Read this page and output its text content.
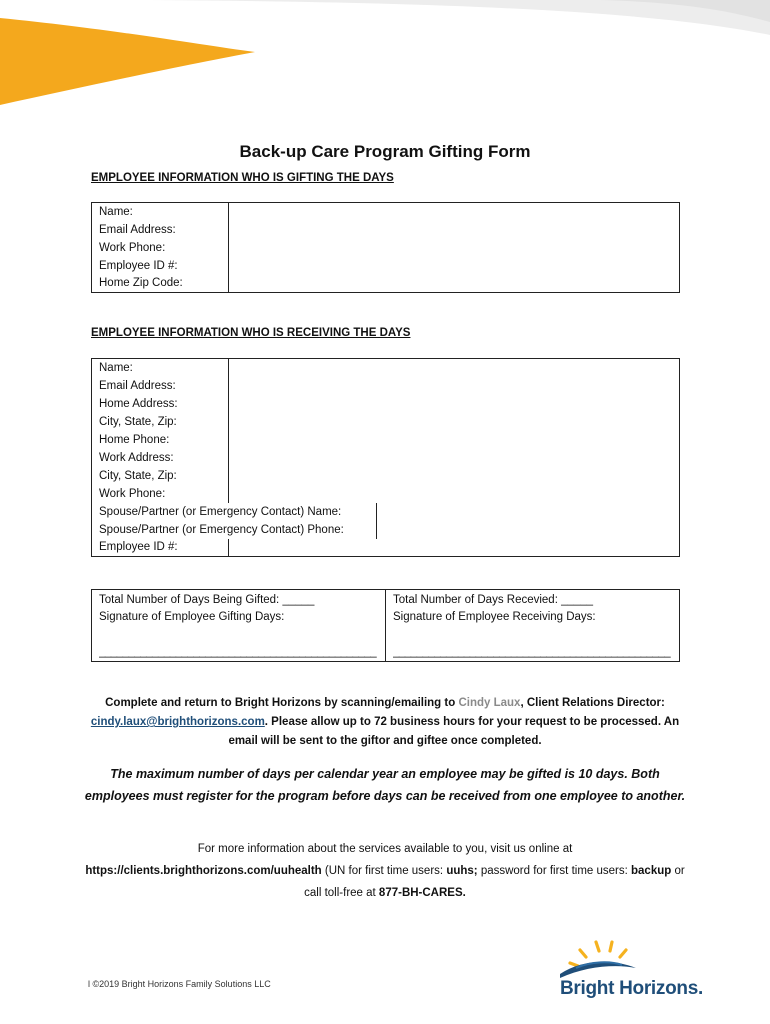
Back-up Care Program Gifting Form
EMPLOYEE INFORMATION WHO IS GIFTING THE DAYS
Name:	
Email Address:	
Work Phone:	
Employee ID #:	
Home Zip Code:	
EMPLOYEE INFORMATION WHO IS RECEIVING THE DAYS
Name:		
Email Address:		
Home Address:		
City, State, Zip:		
Home Phone:		
Work Address:		
City, State, Zip:		
Work Phone:		
Spouse/Partner (or Emergency Contact) Name:		
Spouse/Partner (or Emergency Contact) Phone:		
Employee ID #:		
Total Number of Days Being Gifted: _____
Signature of Employee Gifting Days:
_______________________________________________

Total Number of Days Recevied: _____
Signature of Employee Receiving Days:
_______________________________________________
Complete and return to Bright Horizons by scanning/emailing to Cindy Laux, Client Relations Director:
cindy.laux@brighthorizons.com. Please allow up to 72 business hours for your request to be processed. An email will be sent to the giftor and giftee once completed.
The maximum number of days per calendar year an employee may be gifted is 10 days. Both employees must register for the program before days can be received from one employee to another.
For more information about the services available to you, visit us online at
https://clients.brighthorizons.com/uuhealth (UN for first time users: uuhs; password for first time users: backup or call toll-free at 877-BH-CARES.
l ©2019 Bright Horizons Family Solutions LLC	Bright Horizons.
